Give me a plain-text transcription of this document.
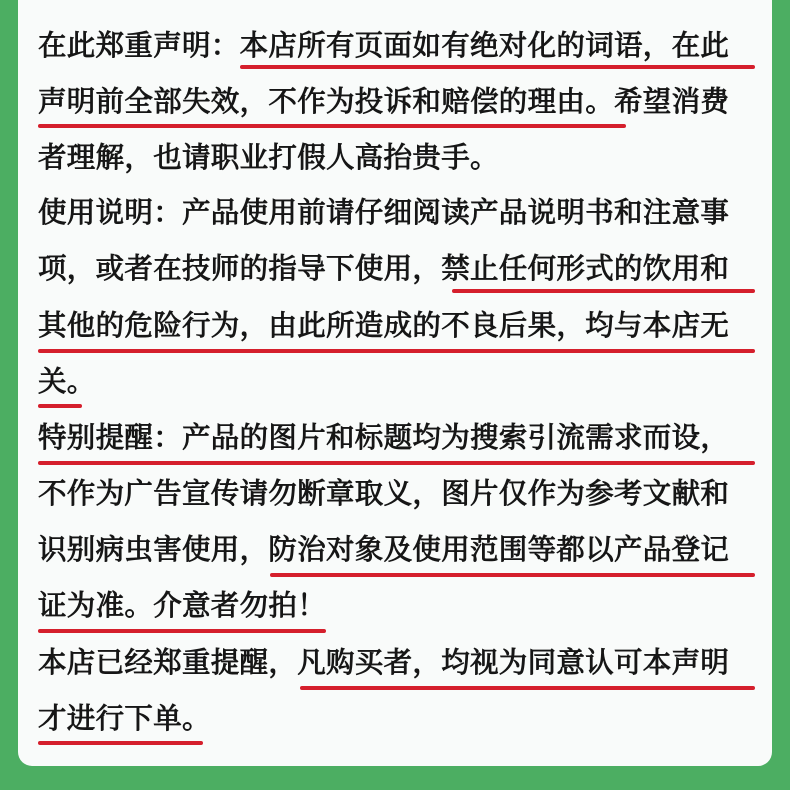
在此郑重声明：本店所有页面如有绝对化的词语，在此
声明前全部失效，不作为投诉和赔偿的理由。希望消费
者理解，也请职业打假人高抬贵手。
使用说明：产品使用前请仔细阅读产品说明书和注意事
项，或者在技师的指导下使用，禁止任何形式的饮用和
其他的危险行为，由此所造成的不良后果，均与本店无
关。
特别提醒：产品的图片和标题均为搜索引流需求而设，
不作为广告宣传请勿断章取义，图片仅作为参考文献和
识别病虫害使用，防治对象及使用范围等都以产品登记
证为准。介意者勿拍！
本店已经郑重提醒，凡购买者，均视为同意认可本声明
才进行下单。
